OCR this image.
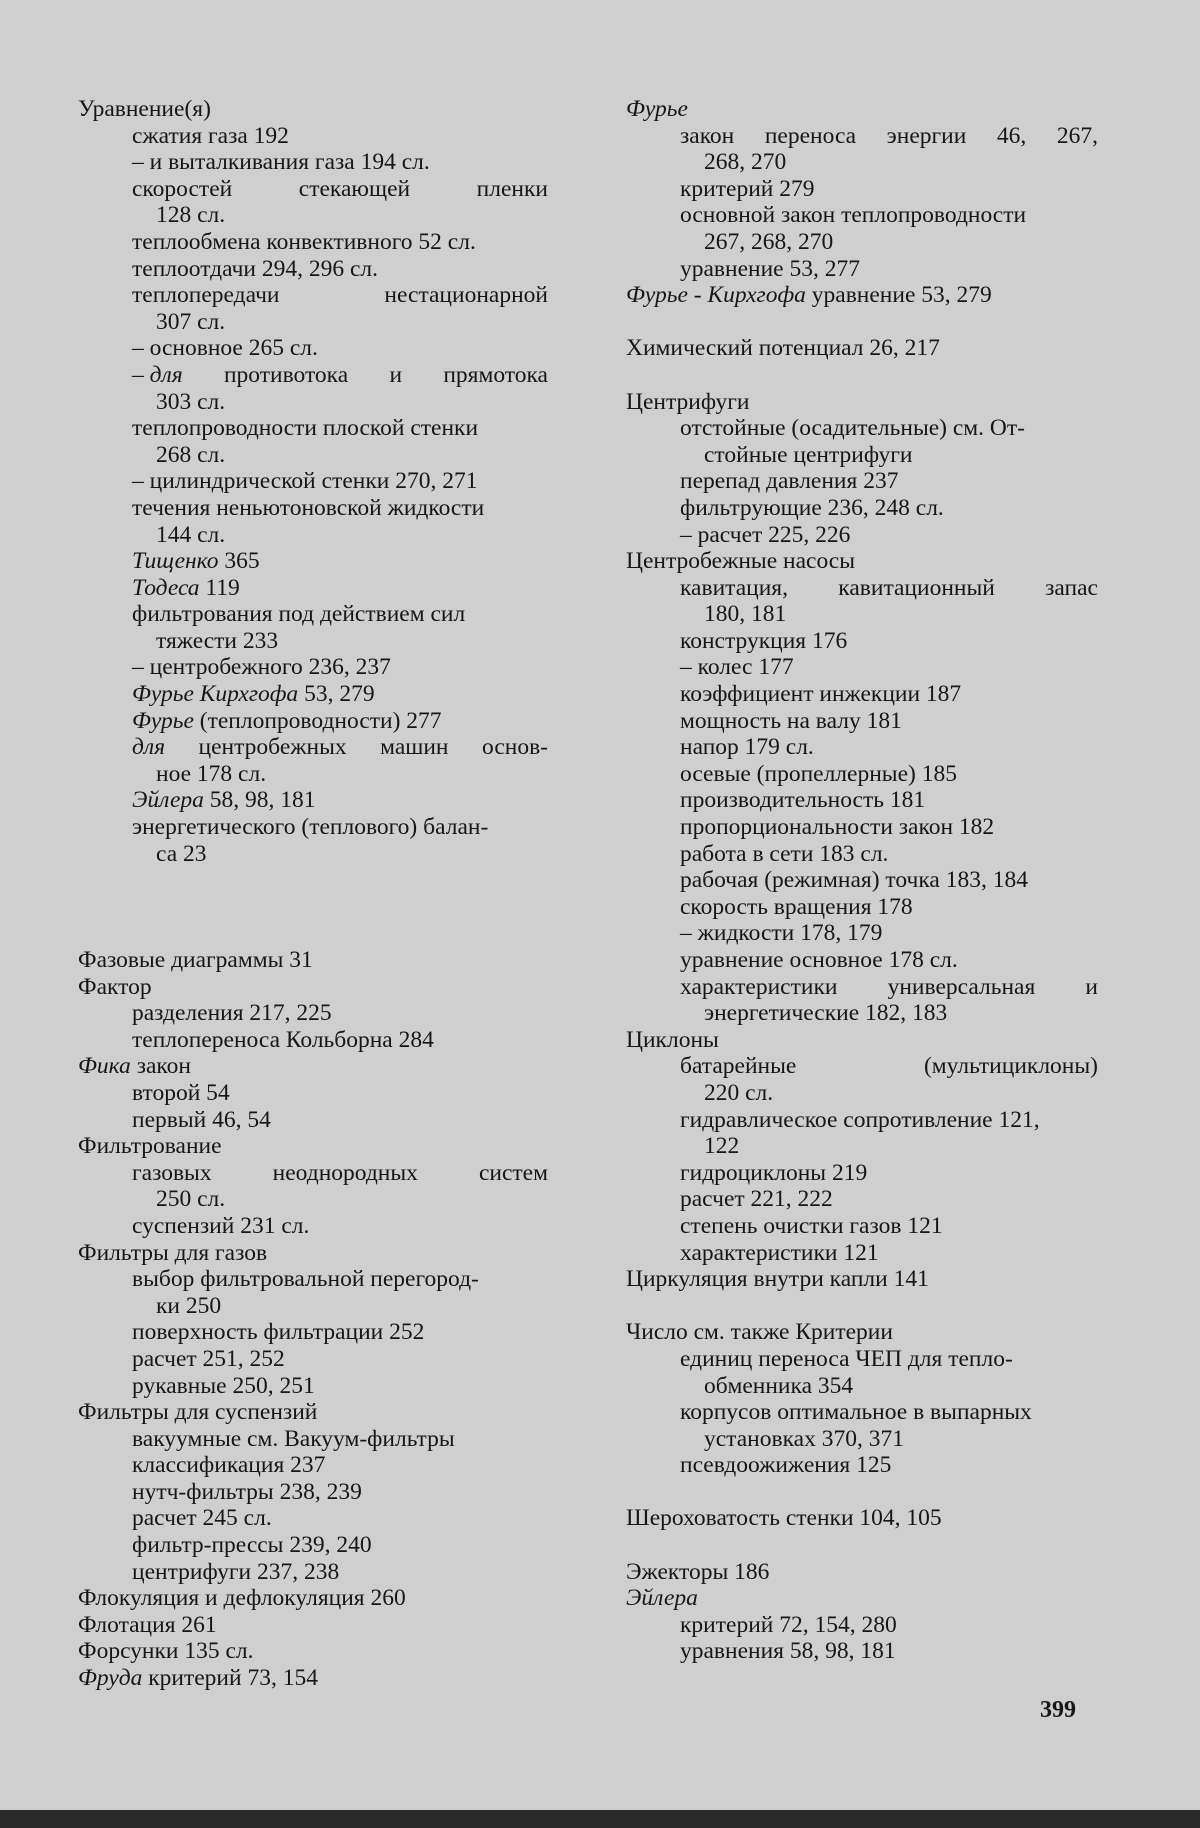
Уравнение(я)
сжатия газа 192
– и выталкивания газа 194 сл.
скоростей	стекающей	пленки
128 сл.
теплообмена конвективного 52 сл.
теплоотдачи 294, 296 сл.
теплопередачи	нестационарной
307 сл.
– основное 265 сл.
– для противотока и прямотока
303 сл.
теплопроводности плоской стенки
268 сл.
– цилиндрической стенки 270, 271
течения неньютоновской жидкости
144 сл.
Тищенко 365
Тодеса 119
фильтрования под действием сил
тяжести 233
– центробежного 236, 237
Фурье Кирхгофа 53, 279
Фурье (теплопроводности) 277
для центробежных машин основ-
ное 178 сл.
Эйлера 58, 98, 181
энергетического (теплового) балан-
са 23
Фазовые диаграммы 31
Фактор
разделения 217, 225
теплопереноса Кольборна 284
Фика закон
второй 54
первый 46, 54
Фильтрование
газовых	неоднородных	систем
250 сл.
суспензий 231 сл.
Фильтры для газов
выбор фильтровальной перегород-
ки 250
поверхность фильтрации 252
расчет 251, 252
рукавные 250, 251
Фильтры для суспензий
вакуумные см. Вакуум-фильтры
классификация 237
нутч-фильтры 238, 239
расчет 245 сл.
фильтр-прессы 239, 240
центрифуги 237, 238
Флокуляция и дефлокуляция 260
Флотация 261
Форсунки 135 сл.
Фруда критерий 73, 154
Фурье
закон переноса энергии 46, 267,
268, 270
критерий 279
основной закон теплопроводности
267, 268, 270
уравнение 53, 277
Фурье - Кирхгофа уравнение 53, 279
Химический потенциал 26, 217
Центрифуги
отстойные (осадительные) см. От-
стойные центрифуги
перепад давления 237
фильтрующие 236, 248 сл.
– расчет 225, 226
Центробежные насосы
кавитация, кавитационный запас
180, 181
конструкция 176
– колес 177
коэффициент инжекции 187
мощность на валу 181
напор 179 сл.
осевые (пропеллерные) 185
производительность 181
пропорциональности закон 182
работа в сети 183 сл.
рабочая (режимная) точка 183, 184
скорость вращения 178
– жидкости 178, 179
уравнение основное 178 сл.
характеристики универсальная и
энергетические 182, 183
Циклоны
батарейные	(мультициклоны)
220 сл.
гидравлическое сопротивление 121,
122
гидроциклоны 219
расчет 221, 222
степень очистки газов 121
характеристики 121
Циркуляция внутри капли 141
Число см. также Критерии
единиц переноса ЧЕП для тепло-
обменника 354
корпусов оптимальное в выпарных
установках 370, 371
псевдоожижения 125
Шероховатость стенки 104, 105
Эжекторы 186
Эйлера
критерий 72, 154, 280
уравнения 58, 98, 181
399
